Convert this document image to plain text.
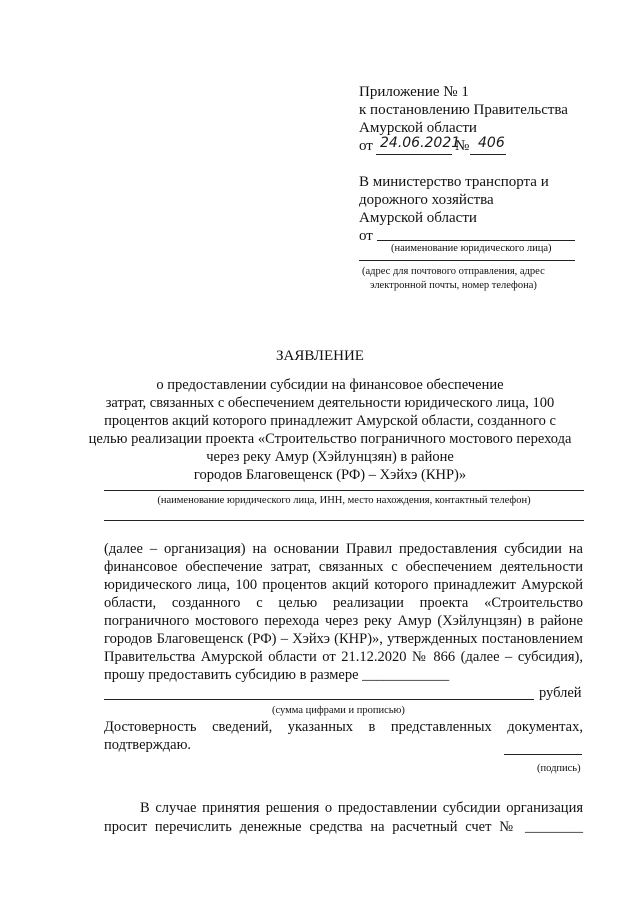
Приложение № 1
к постановлению Правительства
Амурской области
от 24.06.2021
№ 406
В министерство транспорта и
дорожного хозяйства
Амурской области
от
(наименование юридического лица)
(адрес для почтового отправления, адрес
электронной почты, номер телефона)
ЗАЯВЛЕНИЕ
о предоставлении субсидии на финансовое обеспечение
затрат, связанных с обеспечением деятельности юридического лица, 100
процентов акций которого принадлежит Амурской области, созданного с
целью реализации проекта «Строительство пограничного мостового перехода
через реку Амур (Хэйлунцзян) в районе
городов Благовещенск (РФ) – Хэйхэ (КНР)»
(наименование юридического лица, ИНН, место нахождения, контактный телефон)
(далее – организация) на основании Правил предоставления субсидии на
финансовое обеспечение затрат, связанных с обеспечением деятельности
юридического лица, 100 процентов акций которого принадлежит Амурской
области, созданного с целью реализации проекта «Строительство
пограничного мостового перехода через реку Амур (Хэйлунцзян) в районе
городов Благовещенск (РФ) – Хэйхэ (КНР)», утвержденных постановлением
Правительства Амурской области от 21.12.2020 № 866 (далее – субсидия),
прошу предоставить субсидию в размере ____________
рублей
(сумма цифрами и прописью)
Достоверность сведений, указанных в представленных документах,
подтверждаю.
(подпись)
В случае принятия решения о предоставлении субсидии организация
просит перечислить денежные средства на расчетный счет № ________
